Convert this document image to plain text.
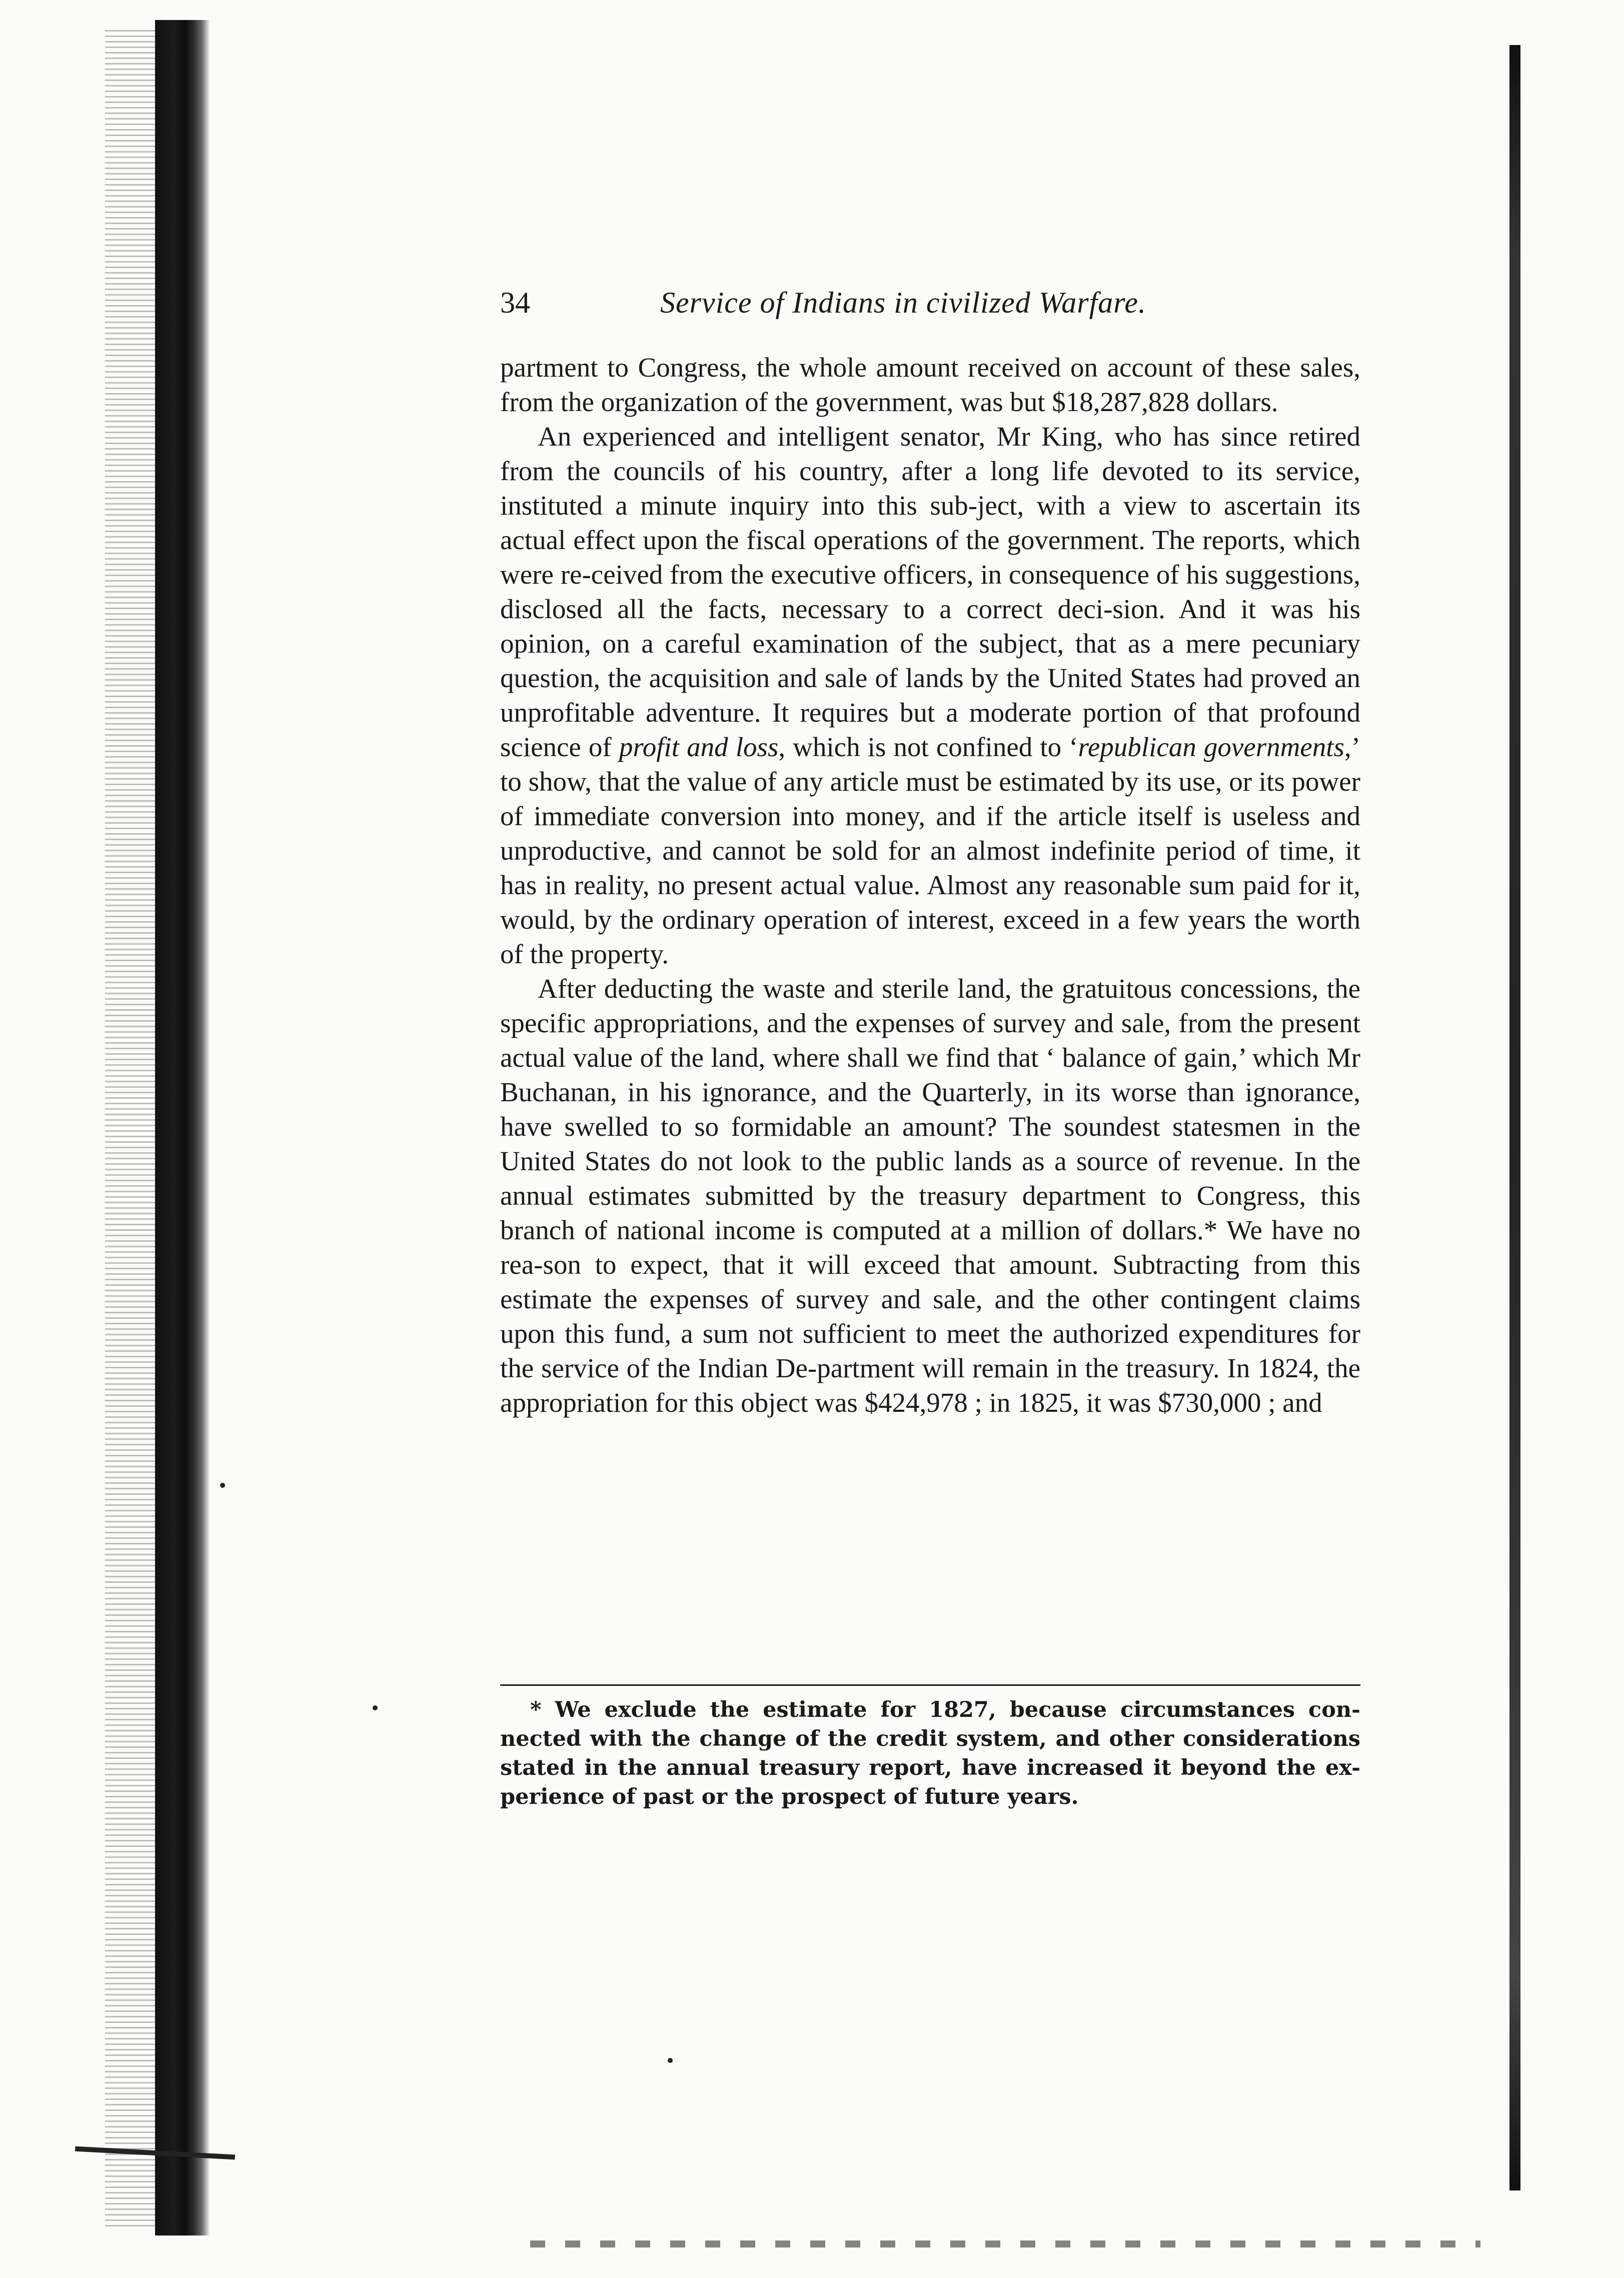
34	Service of Indians in civilized Warfare.

partment to Congress, the whole amount received on account of these sales, from the organization of the government, was but $18,287,828 dollars.

An experienced and intelligent senator, Mr King, who has since retired from the councils of his country, after a long life devoted to its service, instituted a minute inquiry into this sub-ject, with a view to ascertain its actual effect upon the fiscal operations of the government. The reports, which were re-ceived from the executive officers, in consequence of his suggestions, disclosed all the facts, necessary to a correct deci-sion. And it was his opinion, on a careful examination of the subject, that as a mere pecuniary question, the acquisition and sale of lands by the United States had proved an unprofitable adventure. It requires but a moderate portion of that profound science of profit and loss, which is not confined to ‘republican governments,’ to show, that the value of any article must be estimated by its use, or its power of immediate conversion into money, and if the article itself is useless and unproductive, and cannot be sold for an almost indefinite period of time, it has in reality, no present actual value. Almost any reasonable sum paid for it, would, by the ordinary operation of interest, exceed in a few years the worth of the property.

After deducting the waste and sterile land, the gratuitous concessions, the specific appropriations, and the expenses of survey and sale, from the present actual value of the land, where shall we find that ‘ balance of gain,’ which Mr Buchanan, in his ignorance, and the Quarterly, in its worse than ignorance, have swelled to so formidable an amount? The soundest statesmen in the United States do not look to the public lands as a source of revenue. In the annual estimates submitted by the treasury department to Congress, this branch of national income is computed at a million of dollars.* We have no rea-son to expect, that it will exceed that amount. Subtracting from this estimate the expenses of survey and sale, and the other contingent claims upon this fund, a sum not sufficient to meet the authorized expenditures for the service of the Indian De-partment will remain in the treasury. In 1824, the appropriation for this object was $424,978 ; in 1825, it was $730,000 ; and

* We exclude the estimate for 1827, because circumstances con-nected with the change of the credit system, and other considerations stated in the annual treasury report, have increased it beyond the ex-perience of past or the prospect of future years.
